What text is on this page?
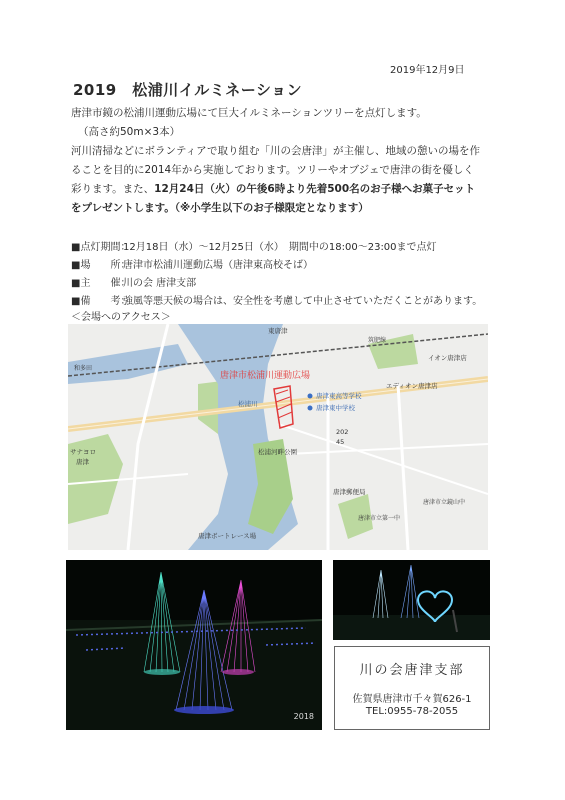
2019年12月9日
2019　松浦川イルミネーション
唐津市鏡の松浦川運動広場にて巨大イルミネーションツリーを点灯します。
（高さ約50m×3本）
河川清掃などにボランティアで取り組む「川の会唐津」が主催し、地域の憩いの場を作
ることを目的に2014年から実施しております。ツリーやオブジェで唐津の街を優しく
彩ります。また、12月24日（火）の午後6時より先着500名のお子様へお菓子セット
をプレゼントします。（※小学生以下のお子様限定となります）
■点灯期間：12月18日（水）～12月25日（水）　期間中の18:00～23:00まで点灯
■場　　所：唐津市松浦川運動広場（唐津東高校そば）
■主　　催：川の会 唐津支部
■備　　考：強風等悪天候の場合は、安全性を考慮して中止させていただくことがあります。
＜会場へのアクセス＞
唐津市松浦川運動広場
東唐津
筑肥線
和多田
イオン唐津店
エディオン唐津店
唐津東高等学校
唐津東中学校
松浦河畔公園
唐津郵便局
唐津市立鏡山中
唐津市立第一中
唐津ボートレース場
サナヨロ
唐津
202
45
松浦川
2018
川の会唐津支部
佐賀県唐津市千々賀626-1
TEL:0955-78-2055
